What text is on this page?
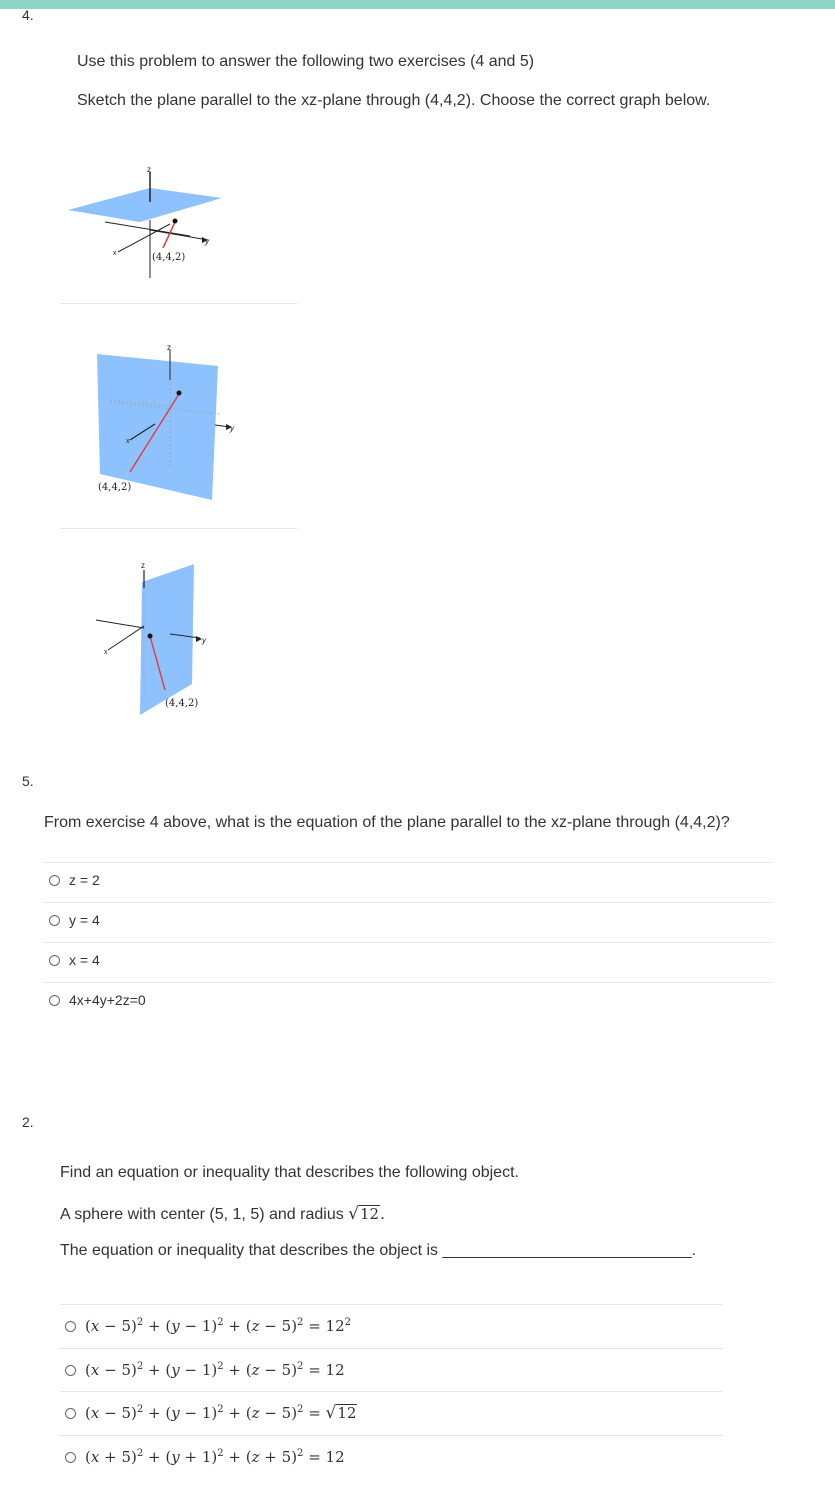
4.
Use this problem to answer the following two exercises (4 and 5)
Sketch the plane parallel to the xz-plane through (4,4,2). Choose the correct graph below.
z
y
x	(4,4,2)
z
y
x
(4,4,2)
z
y
x
(4,4,2)
5.
From exercise 4 above, what is the equation of the plane parallel to the xz-plane through (4,4,2)?
z = 2
y = 4
x = 4
4x+4y+2z=0
2.
Find an equation or inequality that describes the following object.
A sphere with center (5, 1, 5) and radius √12.
The equation or inequality that describes the object is ____________________________.
$(x - 5)^2 + (y - 1)^2 + (z - 5)^2 = 12^2$
$(x - 5)^2 + (y - 1)^2 + (z - 5)^2 = 12$
$(x - 5)^2 + (y - 1)^2 + (z - 5)^2 = √12$
$(x + 5)^2 + (y + 1)^2 + (z + 5)^2 = 12$
